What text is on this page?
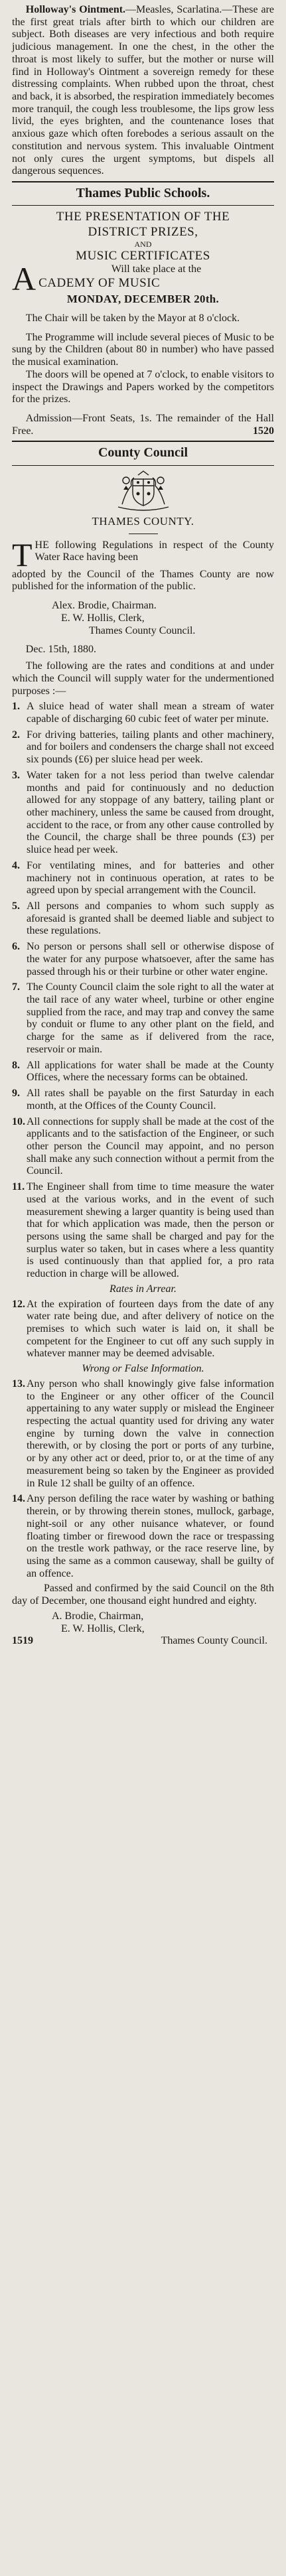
Holloway's Ointment.—Measles, Scarlatina.—These are the first great trials after birth to which our children are subject. Both diseases are very infectious and both require judicious management. In one the chest, in the other the throat is most likely to suffer, but the mother or nurse will find in Holloway's Ointment a sovereign remedy for these distressing complaints. When rubbed upon the throat, chest and back, it is absorbed, the respiration immediately becomes more tranquil, the cough less troublesome, the lips grow less livid, the eyes brighten, and the countenance loses that anxious gaze which often forebodes a serious assault on the constitution and nervous system. This invaluable Ointment not only cures the urgent symptoms, but dispels all dangerous sequences.

Thames Public Schools.
THE PRESENTATION OF THE
DISTRICT PRIZES,
AND
MUSIC CERTIFICATES
A	Will take place at the
CADEMY OF MUSIC
MONDAY, DECEMBER 20th.

The Chair will be taken by the Mayor at 8 o'clock.

The Programme will include several pieces of Music to be sung by the Children (about 80 in number) who have passed the musical examination.

The doors will be opened at 7 o'clock, to enable visitors to inspect the Drawings and Papers worked by the competitors for the prizes.

Admission—Front Seats, 1s. The remainder of the Hall Free.	1520

County Council
THAMES COUNTY.
T HE following Regulations in respect of the County Water Race having been

adopted by the Council of the Thames County are now published for the information of the public.

Alex. Brodie, Chairman.
E. W. Hollis, Clerk,
Thames County Council.

Dec. 15th, 1880.

The following are the rates and conditions at and under which the Council will supply water for the undermentioned purposes :—

1. A sluice head of water shall mean a stream of water capable of discharging 60 cubic feet of water per minute.

2. For driving batteries, tailing plants and other machinery, and for boilers and condensers the charge shall not exceed six pounds (£6) per sluice head per week.

3. Water taken for a not less period than twelve calendar months and paid for continuously and no deduction allowed for any stoppage of any battery, tailing plant or other machinery, unless the same be caused from drought, accident to the race, or from any other cause controlled by the Council, the charge shall be three pounds (£3) per sluice head per week.

4. For ventilating mines, and for batteries and other machinery not in continuous operation, at rates to be agreed upon by special arrangement with the Council.

5. All persons and companies to whom such supply as aforesaid is granted shall be deemed liable and subject to these regulations.

6. No person or persons shall sell or otherwise dispose of the water for any purpose whatsoever, after the same has passed through his or their turbine or other water engine.

7. The County Council claim the sole right to all the water at the tail race of any water wheel, turbine or other engine supplied from the race, and may trap and convey the same by conduit or flume to any other plant on the field, and charge for the same as if delivered from the race, reservoir or main.

8. All applications for water shall be made at the County Offices, where the necessary forms can be obtained.

9. All rates shall be payable on the first Saturday in each month, at the Offices of the County Council.

10. All connections for supply shall be made at the cost of the applicants and to the satisfaction of the Engineer, or such other person the Council may appoint, and no person shall make any such connection without a permit from the Council.

11. The Engineer shall from time to time measure the water used at the various works, and in the event of such measurement shewing a larger quantity is being used than that for which application was made, then the person or persons using the same shall be charged and pay for the surplus water so taken, but in cases where a less quantity is used continuously than that applied for, a pro rata reduction in charge will be allowed.

Rates in Arrear.
12. At the expiration of fourteen days from the date of any water rate being due, and after delivery of notice on the premises to which such water is laid on, it shall be competent for the Engineer to cut off any such supply in whatever manner may be deemed advisable.

Wrong or False Information.
13. Any person who shall knowingly give false information to the Engineer or any other officer of the Council appertaining to any water supply or mislead the Engineer respecting the actual quantity used for driving any water engine by turning down the valve in connection therewith, or by closing the port or ports of any turbine, or by any other act or deed, prior to, or at the time of any measurement being so taken by the Engineer as provided in Rule 12 shall be guilty of an offence.

14. Any person defiling the race water by washing or bathing therein, or by throwing therein stones, mullock, garbage, night-soil or any other nuisance whatever, or found floating timber or firewood down the race or trespassing on the trestle work pathway, or the race reserve line, by using the same as a common causeway, shall be guilty of an offence.

Passed and confirmed by the said Council on the 8th day of December, one thousand eight hundred and eighty.

A. Brodie, Chairman,
E. W. Hollis, Clerk,
1519	Thames County Council.
